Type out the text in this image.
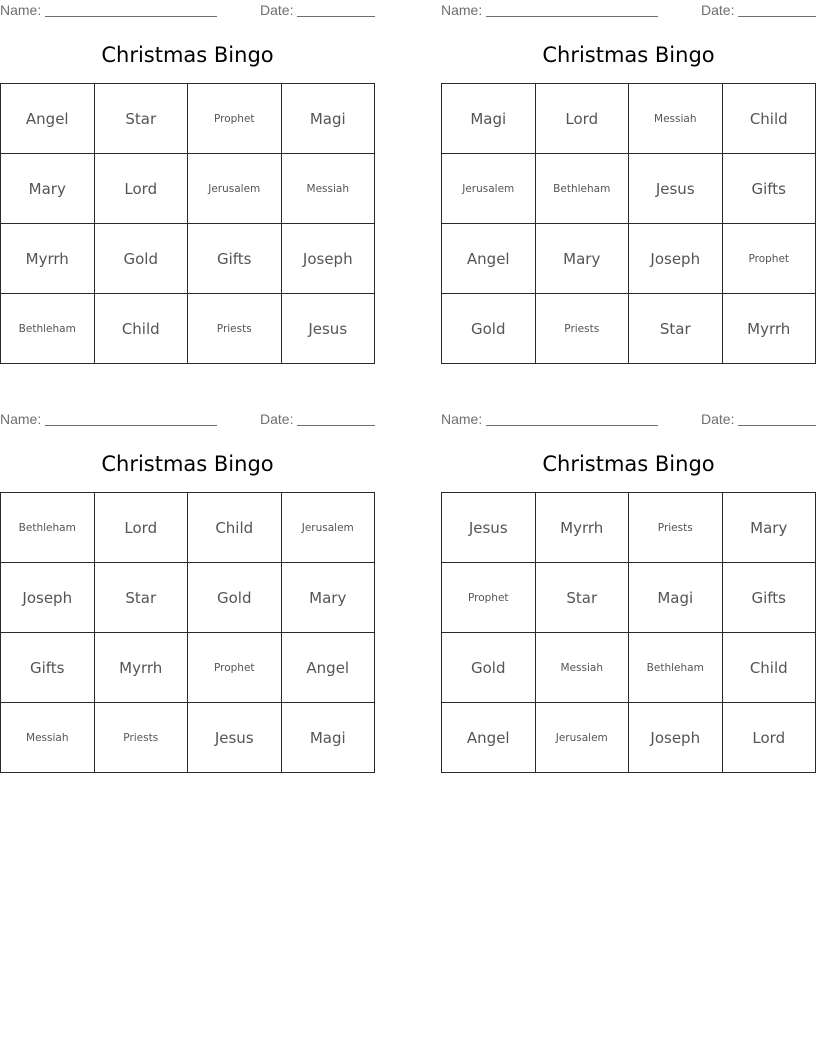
Name:	Date:
Christmas Bingo
Angel	Star	Prophet	Magi
Mary	Lord	Jerusalem	Messiah
Myrrh	Gold	Gifts	Joseph
Bethleham	Child	Priests	Jesus
Name:	Date:
Christmas Bingo
Magi	Lord	Messiah	Child
Jerusalem	Bethleham	Jesus	Gifts
Angel	Mary	Joseph	Prophet
Gold	Priests	Star	Myrrh
Name:	Date:
Christmas Bingo
Bethleham	Lord	Child	Jerusalem
Joseph	Star	Gold	Mary
Gifts	Myrrh	Prophet	Angel
Messiah	Priests	Jesus	Magi
Name:	Date:
Christmas Bingo
Jesus	Myrrh	Priests	Mary
Prophet	Star	Magi	Gifts
Gold	Messiah	Bethleham	Child
Angel	Jerusalem	Joseph	Lord
